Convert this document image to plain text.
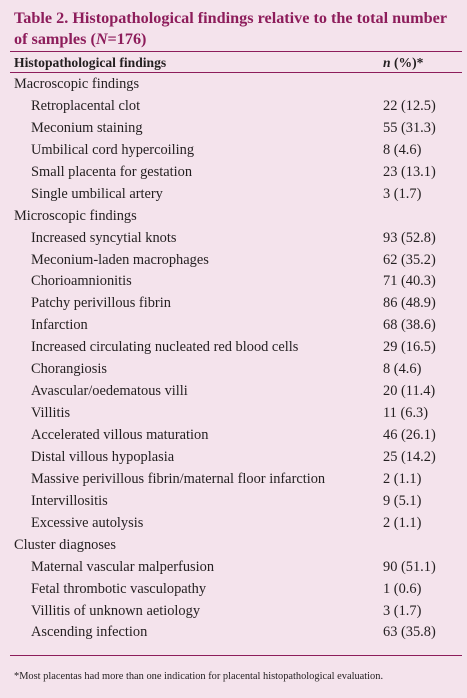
Table 2. Histopathological findings relative to the total number of samples (N=176)
Histopathological findings	n (%)*
Macroscopic findings
Retroplacental clot	22 (12.5)
Meconium staining	55 (31.3)
Umbilical cord hypercoiling	8 (4.6)
Small placenta for gestation	23 (13.1)
Single umbilical artery	3 (1.7)
Microscopic findings
Increased syncytial knots	93 (52.8)
Meconium-laden macrophages	62 (35.2)
Chorioamnionitis	71 (40.3)
Patchy perivillous fibrin	86 (48.9)
Infarction	68 (38.6)
Increased circulating nucleated red blood cells	29 (16.5)
Chorangiosis	8 (4.6)
Avascular/oedematous villi	20 (11.4)
Villitis	11 (6.3)
Accelerated villous maturation	46 (26.1)
Distal villous hypoplasia	25 (14.2)
Massive perivillous fibrin/maternal floor infarction	2 (1.1)
Intervillositis	9 (5.1)
Excessive autolysis	2 (1.1)
Cluster diagnoses
Maternal vascular malperfusion	90 (51.1)
Fetal thrombotic vasculopathy	1 (0.6)
Villitis of unknown aetiology	3 (1.7)
Ascending infection	63 (35.8)
*Most placentas had more than one indication for placental histopathological evaluation.
